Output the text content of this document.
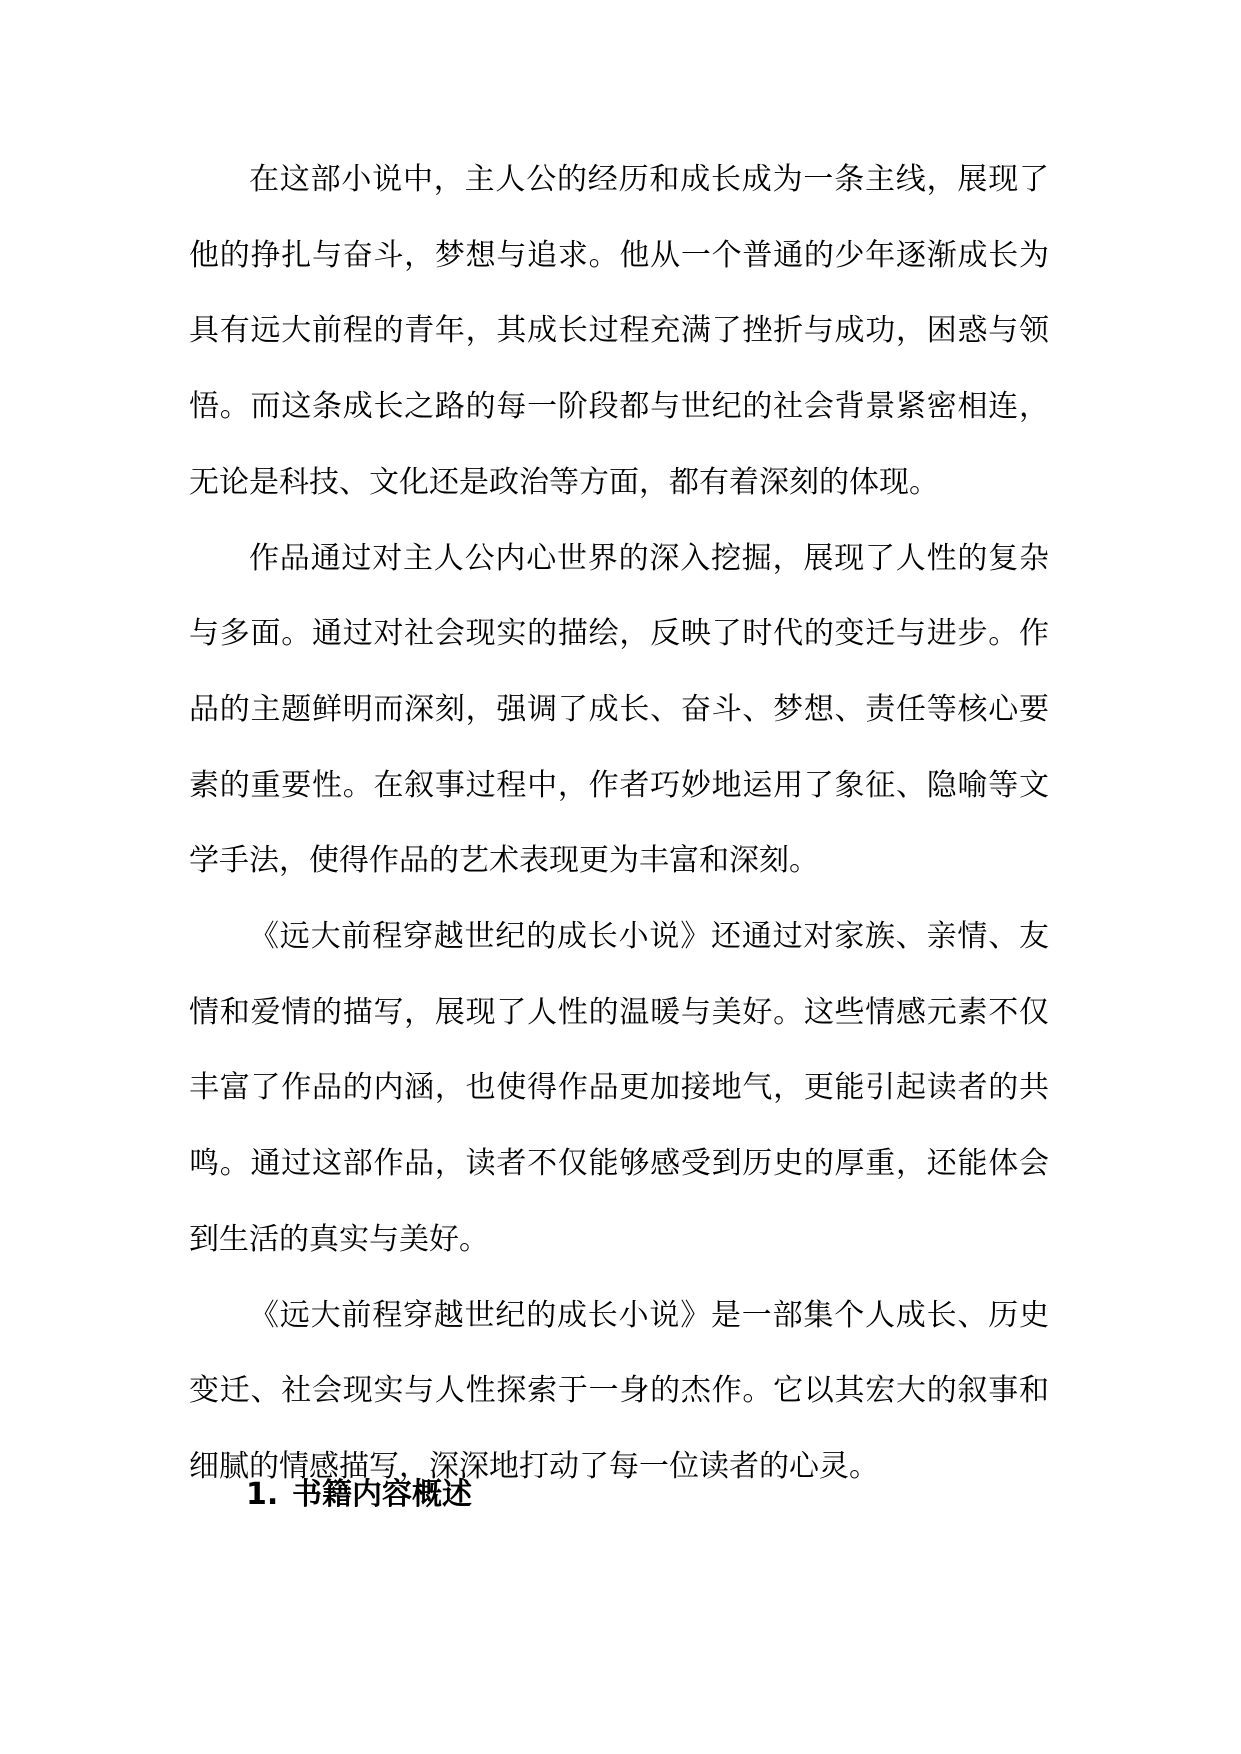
在这部小说中，主人公的经历和成长成为一条主线，展现了他的挣扎与奋斗，梦想与追求。他从一个普通的少年逐渐成长为具有远大前程的青年，其成长过程充满了挫折与成功，困惑与领悟。而这条成长之路的每一阶段都与世纪的社会背景紧密相连，无论是科技、文化还是政治等方面，都有着深刻的体现。

作品通过对主人公内心世界的深入挖掘，展现了人性的复杂与多面。通过对社会现实的描绘，反映了时代的变迁与进步。作品的主题鲜明而深刻，强调了成长、奋斗、梦想、责任等核心要素的重要性。在叙事过程中，作者巧妙地运用了象征、隐喻等文学手法，使得作品的艺术表现更为丰富和深刻。

《远大前程穿越世纪的成长小说》还通过对家族、亲情、友情和爱情的描写，展现了人性的温暖与美好。这些情感元素不仅丰富了作品的内涵，也使得作品更加接地气，更能引起读者的共鸣。通过这部作品，读者不仅能够感受到历史的厚重，还能体会到生活的真实与美好。

《远大前程穿越世纪的成长小说》是一部集个人成长、历史变迁、社会现实与人性探索于一身的杰作。它以其宏大的叙事和细腻的情感描写，深深地打动了每一位读者的心灵。

1. 书籍内容概述
